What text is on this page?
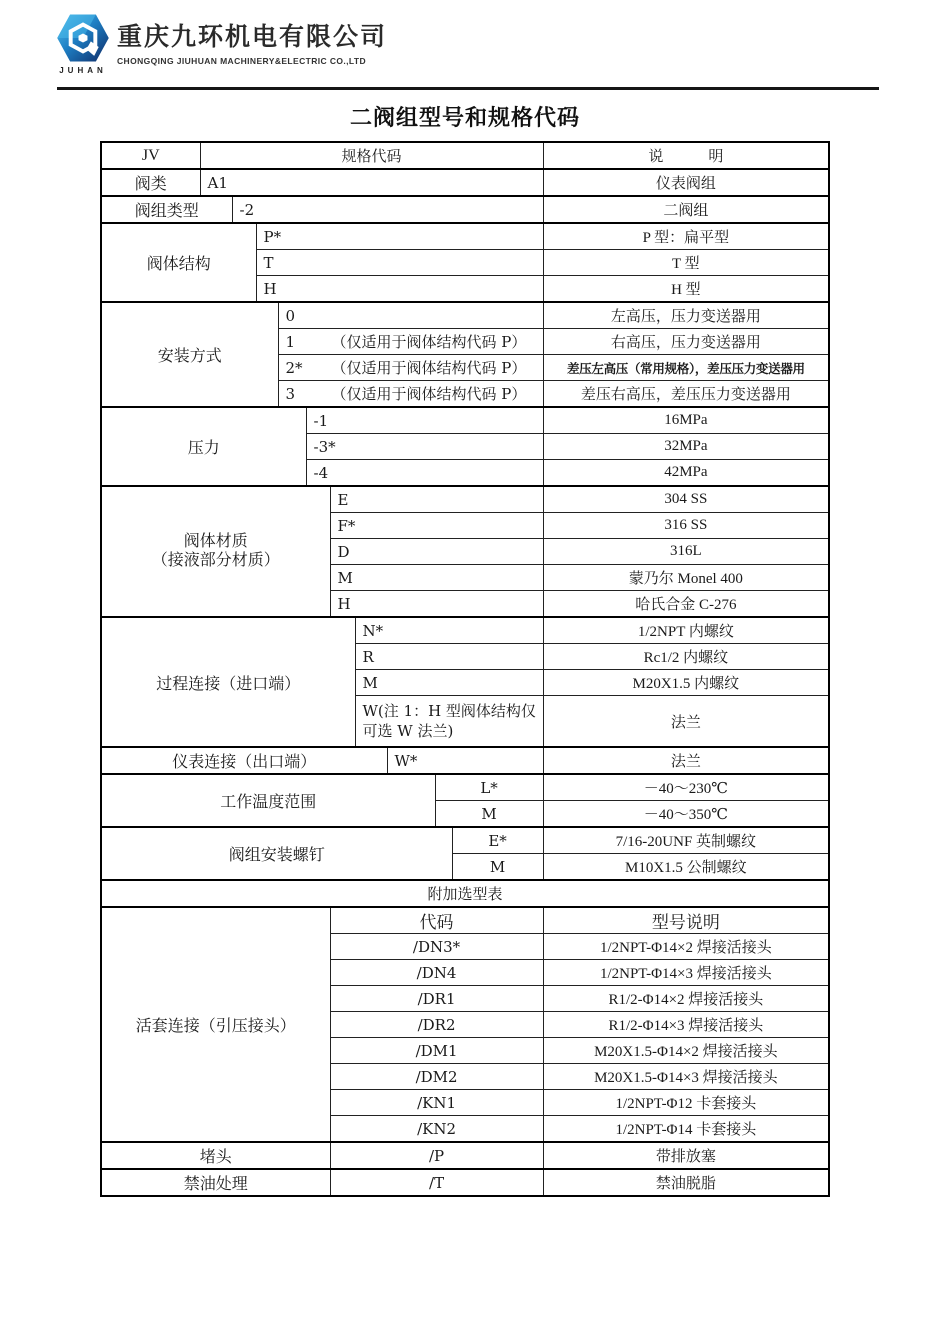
JUHAN
重庆九环机电有限公司
CHONGQING JIUHUAN MACHINERY&ELECTRIC CO.,LTD
二阀组型号和规格代码
JV	规格代码										说　　　明
阀类	A1										仪表阀组
阀组类型		-2									二阀组
阀体结构			P*								P 型：扁平型
			T								T 型
			H								H 型
安装方式				0							左高压，压力变送器用
				1 （仅适用于阀体结构代码 P）							右高压，压力变送器用
				2* （仅适用于阀体结构代码 P）							差压左高压（常用规格），差压压力变送器用
				3 （仅适用于阀体结构代码 P）							差压右高压，差压压力变送器用
压力					-1						16MPa
					-3*						32MPa
					-4						42MPa

阀体材质
（接液部分材质）						E					304 SS
						F*					316 SS
						D					316L
						M					蒙乃尔 Monel 400
						H					哈氏合金 C-276
过程连接（进口端）							N*				1/2NPT 内螺纹
							R				Rc1/2 内螺纹
							M				M20X1.5 内螺纹
							W(注 1：H 型阀体结构仅可选 W 法兰)				法兰
仪表连接（出口端）								W*			法兰
工作温度范围									L*		－40～230℃
									M		－40～350℃
阀组安装螺钉										E*	7/16-20UNF 英制螺纹
										M	M10X1.5 公制螺纹
附加选型表											
活套连接（引压接头）						代码					型号说明
						/DN3*					1/2NPT-Φ14×2 焊接活接头
						/DN4					1/2NPT-Φ14×3 焊接活接头
						/DR1					R1/2-Φ14×2 焊接活接头
						/DR2					R1/2-Φ14×3 焊接活接头
						/DM1					M20X1.5-Φ14×2 焊接活接头
						/DM2					M20X1.5-Φ14×3 焊接活接头
						/KN1					1/2NPT-Φ12 卡套接头
						/KN2					1/2NPT-Φ14 卡套接头
堵头						/P					带排放塞
禁油处理						/T					禁油脱脂
